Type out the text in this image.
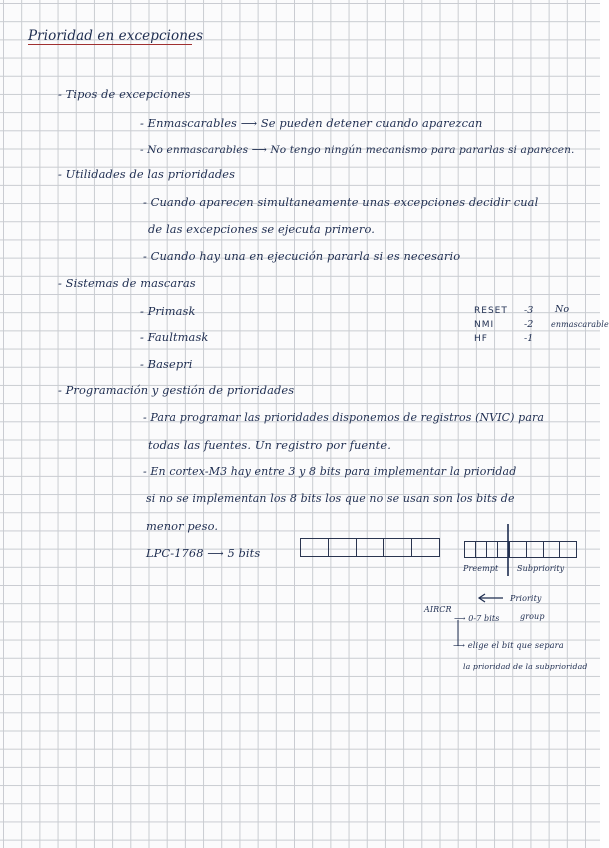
Prioridad en excepciones
- Tipos de excepciones
- Enmascarables ⟶ Se pueden detener cuando aparezcan
- No enmascarables ⟶ No tengo ningún mecanismo para pararlas si aparecen.
- Utilidades de las prioridades
- Cuando aparecen simultaneamente unas excepciones decidir cual
de las excepciones se ejecuta primero.
- Cuando hay una en ejecución pararla si es necesario
- Sistemas de mascaras
- Primask
- Faultmask
- Basepri
RESET
NMI
HF
-3
-2
-1
No
enmascarable
- Programación y gestión de prioridades
- Para programar las prioridades disponemos de registros (NVIC) para
todas las fuentes. Un registro por fuente.
- En cortex-M3 hay entre 3 y 8 bits para implementar la prioridad
si no se implementan los 8 bits los que no se usan son los bits de
menor peso.
LPC-1768 ⟶ 5 bits
Preempt Subpriority
Priority
group
AIRCR
⟶ 0-7 bits
⟶ elige el bit que separa
la prioridad de la subprioridad
